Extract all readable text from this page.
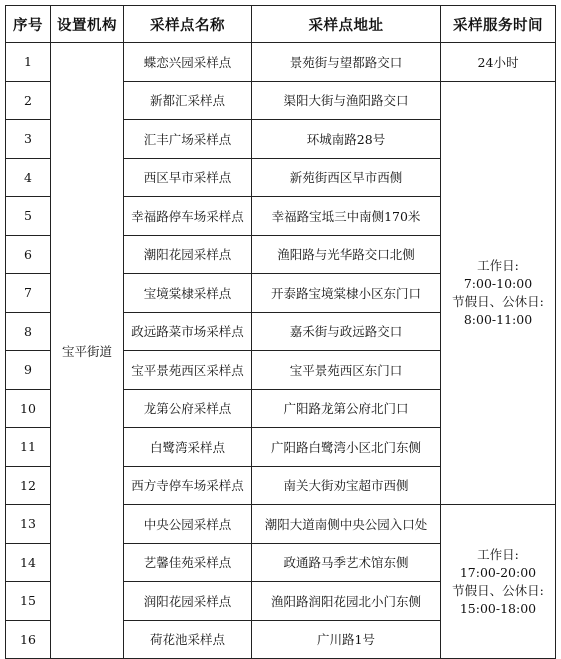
序号	设置机构	采样点名称	采样点地址	采样服务时间
1	宝平街道	蝶恋兴园采样点	景苑街与望都路交口	24小时
2		新都汇采样点	渠阳大街与渔阳路交口	工作日:
7:00-10:00
节假日、公休日:
8:00-11:00

3		汇丰广场采样点	环城南路28号	
4		西区早市采样点	新苑街西区早市西侧	
5		幸福路停车场采样点	幸福路宝坻三中南侧170米	
6		潮阳花园采样点	渔阳路与光华路交口北侧	
7		宝境棠棣采样点	开泰路宝境棠棣小区东门口	
8		政远路菜市场采样点	嘉禾街与政远路交口	
9		宝平景苑西区采样点	宝平景苑西区东门口	
10		龙第公府采样点	广阳路龙第公府北门口	
11		白鹭湾采样点	广阳路白鹭湾小区北门东侧	
12		西方寺停车场采样点	南关大街劝宝超市西侧	
13		中央公园采样点	潮阳大道南侧中央公园入口处	工作日:
17:00-20:00
节假日、公休日:
15:00-18:00

14		艺馨佳苑采样点	政通路马季艺术馆东侧	
15		润阳花园采样点	渔阳路润阳花园北小门东侧	
16		荷花池采样点	广川路1号	
